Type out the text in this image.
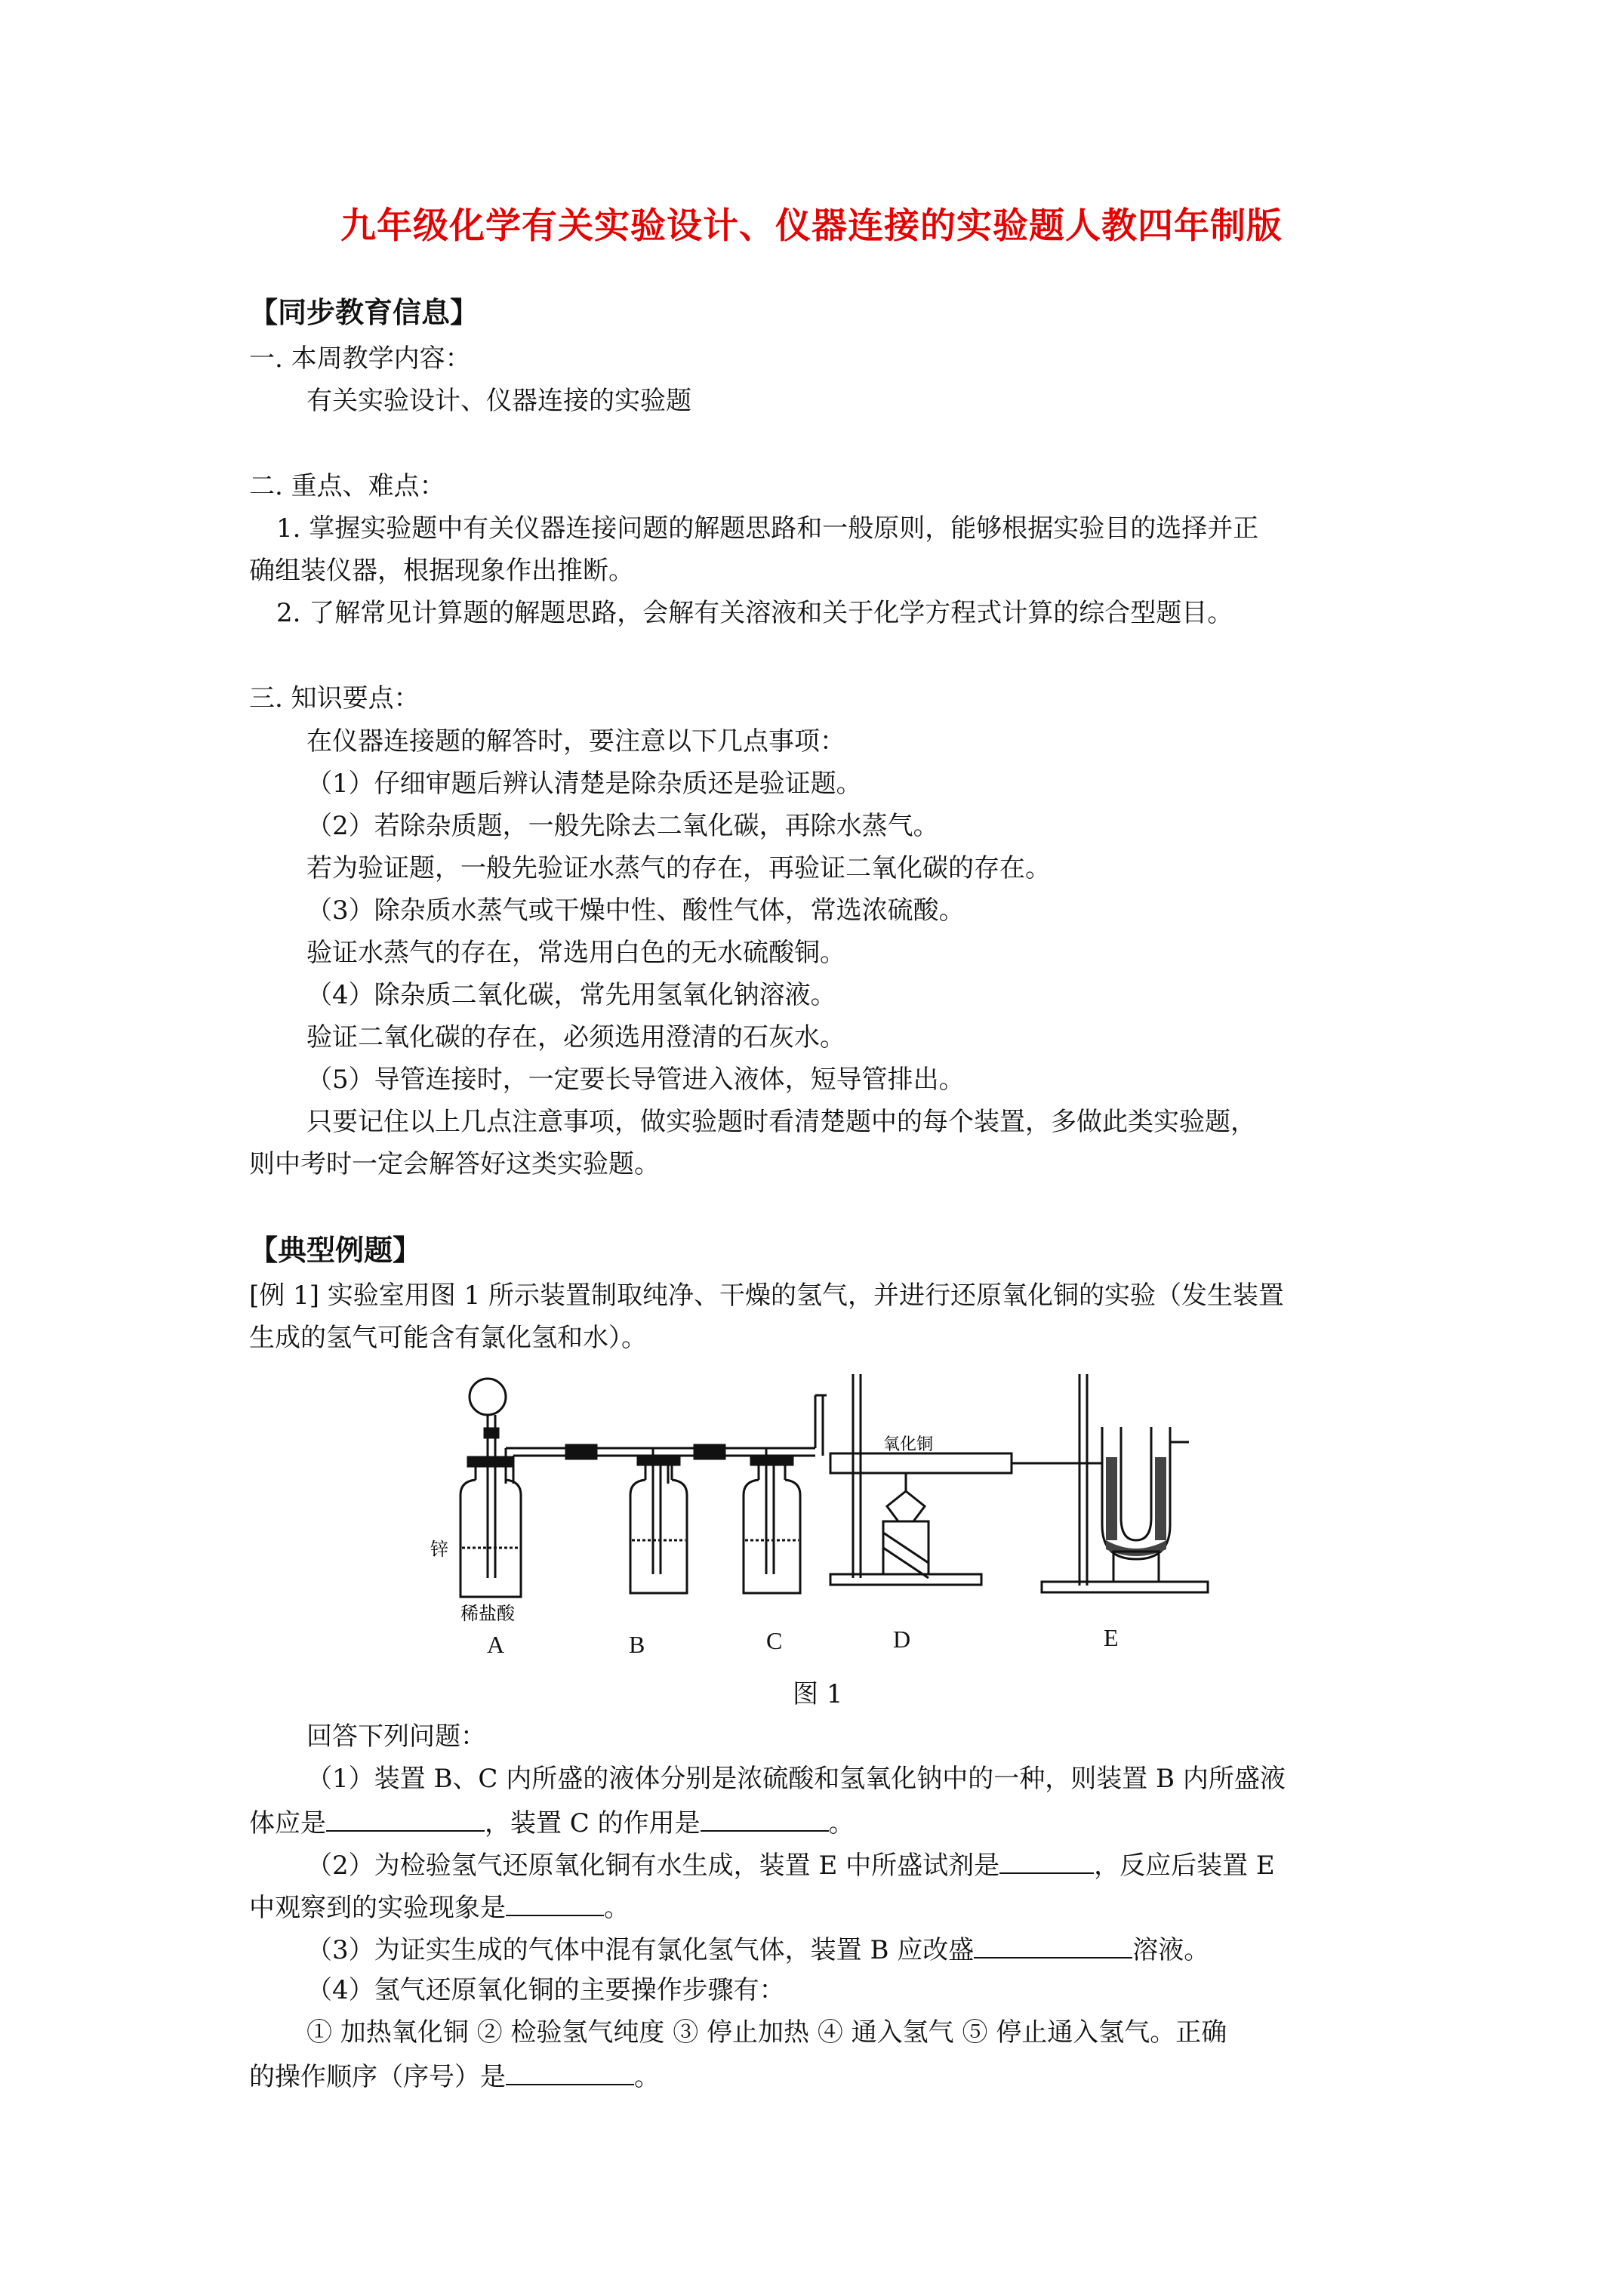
九年级化学有关实验设计、仪器连接的实验题人教四年制版
【同步教育信息】
一. 本周教学内容：
有关实验设计、仪器连接的实验题
二. 重点、难点：
1. 掌握实验题中有关仪器连接问题的解题思路和一般原则，能够根据实验目的选择并正
确组装仪器，根据现象作出推断。
2. 了解常见计算题的解题思路，会解有关溶液和关于化学方程式计算的综合型题目。
三. 知识要点：
在仪器连接题的解答时，要注意以下几点事项：
（1）仔细审题后辨认清楚是除杂质还是验证题。
（2）若除杂质题，一般先除去二氧化碳，再除水蒸气。
若为验证题，一般先验证水蒸气的存在，再验证二氧化碳的存在。
（3）除杂质水蒸气或干燥中性、酸性气体，常选浓硫酸。
验证水蒸气的存在，常选用白色的无水硫酸铜。
（4）除杂质二氧化碳，常先用氢氧化钠溶液。
验证二氧化碳的存在，必须选用澄清的石灰水。
（5）导管连接时，一定要长导管进入液体，短导管排出。
只要记住以上几点注意事项，做实验题时看清楚题中的每个装置，多做此类实验题，
则中考时一定会解答好这类实验题。
【典型例题】
[例 1] 实验室用图 1 所示装置制取纯净、干燥的氢气，并进行还原氧化铜的实验（发生装置
生成的氢气可能含有氯化氢和水）。
锌
稀盐酸
氧化铜
A	B	C	D	E
图 1
回答下列问题：
（1）装置 B、C 内所盛的液体分别是浓硫酸和氢氧化钠中的一种，则装置 B 内所盛液
体应是	，装置 C 的作用是	。
（2）为检验氢气还原氧化铜有水生成，装置 E 中所盛试剂是	，反应后装置 E
中观察到的实验现象是	。
（3）为证实生成的气体中混有氯化氢气体，装置 B 应改盛	溶液。
（4）氢气还原氧化铜的主要操作步骤有：
① 加热氧化铜 ② 检验氢气纯度 ③ 停止加热 ④ 通入氢气 ⑤ 停止通入氢气。正确
的操作顺序（序号）是	。
